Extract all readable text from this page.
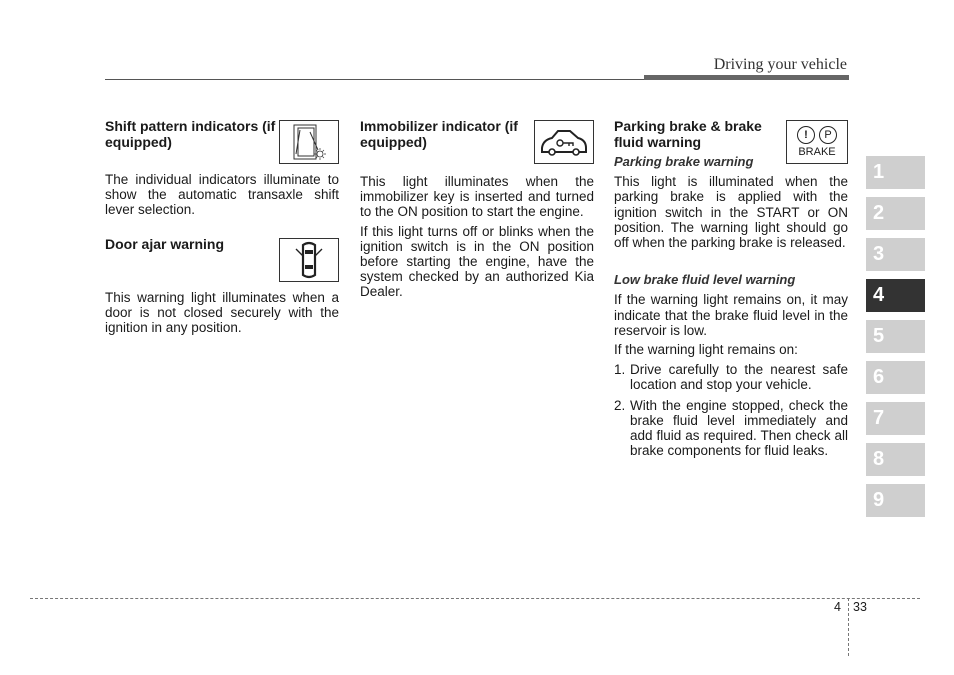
Driving your vehicle

Shift pattern indicators (if equipped)

The individual indicators illuminate to show the automatic transaxle shift lever selection.

Door ajar warning

This warning light illuminates when a door is not closed securely with the ignition in any position.

Immobilizer indicator (if equipped)

This light illuminates when the immobilizer key is inserted and turned to the ON position to start the engine.

If this light turns off or blinks when the ignition switch is in the ON position before starting the engine, have the system checked by an authorized Kia Dealer.

Parking brake & brake fluid warning	!	P
BRAKE

Parking brake warning

This light is illuminated when the parking brake is applied with the ignition switch in the START or ON position. The warning light should go off when the parking brake is released.

Low brake fluid level warning

If the warning light remains on, it may indicate that the brake fluid level in the reservoir is low.

If the warning light remains on:

1. Drive carefully to the nearest safe location and stop your vehicle.
2. With the engine stopped, check the brake fluid level immediately and add fluid as required. Then check all brake components for fluid leaks.
1
2
3
4
5
6
7
8
9
4 33
